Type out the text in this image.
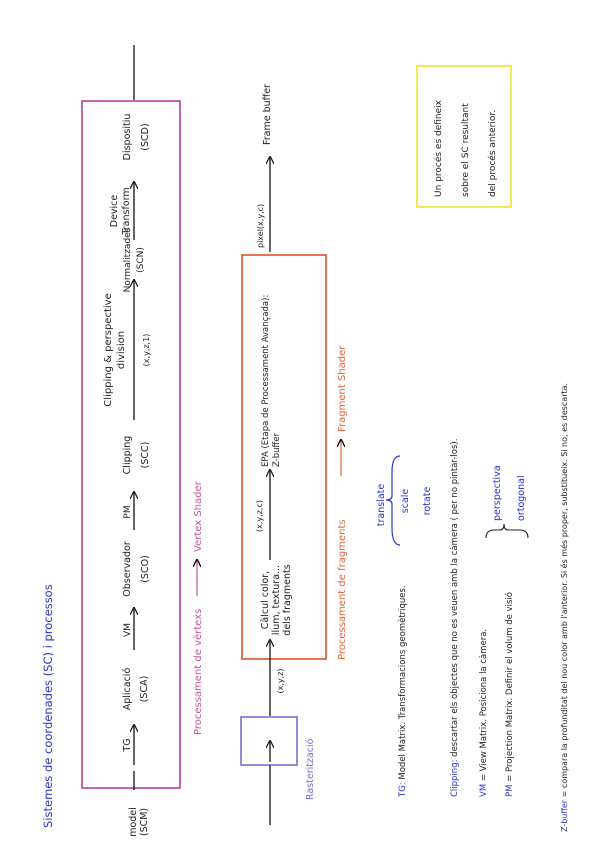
Sistemes de coordenades (SC) i processos	model (SCM)
TG
Aplicació (SCA)
VM
Observador (SCO)
PM
Clipping (SCC)
Clipping & perspective division (x,y,z,1)
Normalitzades (SCN)
Device Transform
Dispositiu (SCD)
Processament de vèrtexs
Vertex Shader
Rasterització
(x,y,z)
Càlcul color, llum, textura... dels fragments
(x,y,z,c)
EPA (Etapa de Processament Avançada): Z-buffer
pixel(x,y,c)
Frame buffer
Processament de fragments
Fragment Shader
Un procés es defineix sobre el SC resultant del procés anterior.
TG: Model Matrix. Transformacions geomètriques.
translate scale rotate
Clipping: descartar els objectes que no es veuen amb la càmera ( per no pintar-los).
VM = View Matrix. Posiciona la càmera.
PM = Projection Matrix. Definir el volum de visió
perspectiva ortogonal
Z-buffer = compara la profunditat del nou color amb l'anterior. Si és més proper, substitueix. Si no, es descarta.
